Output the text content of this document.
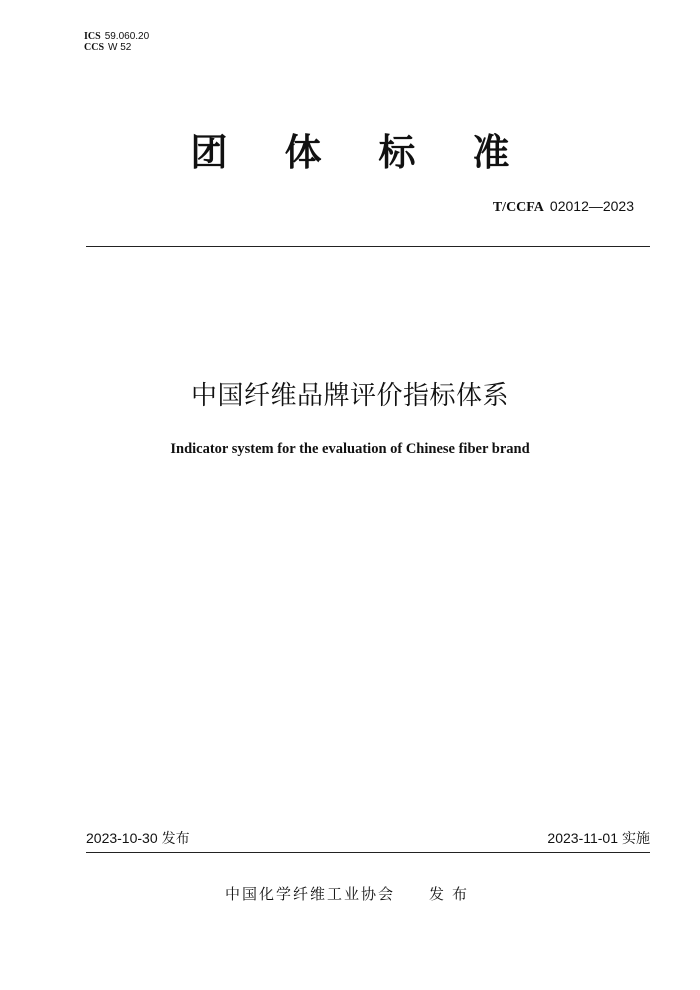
ICS 59.060.20
CCS W 52
团 体 标 准
T/CCFA 02012—2023
中国纤维品牌评价指标体系
Indicator system for the evaluation of Chinese fiber brand
2023-10-30 发布	2023-11-01 实施
中国化学纤维工业协会 发布
